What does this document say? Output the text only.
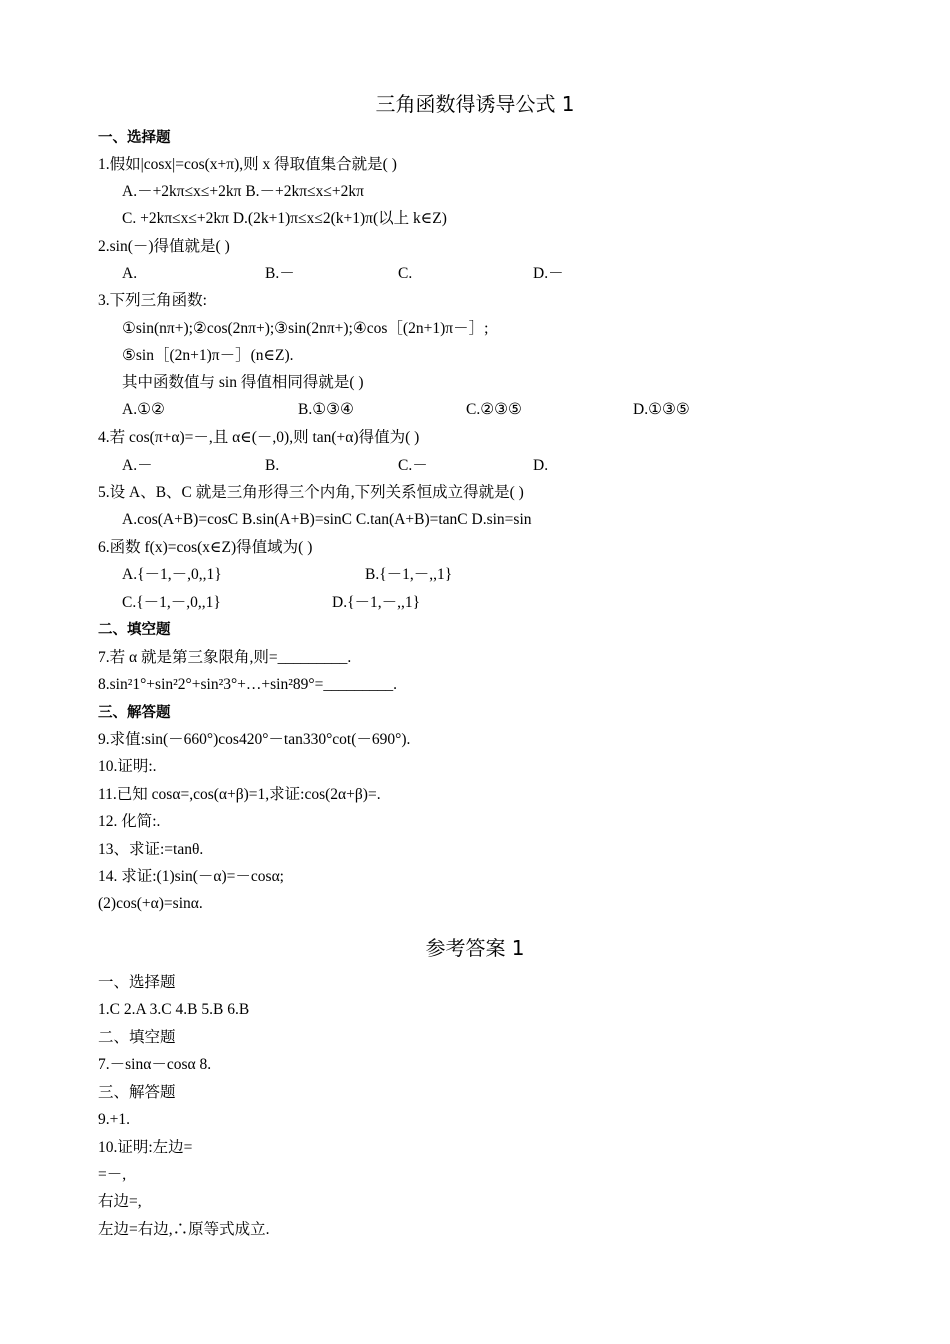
三角函数得诱导公式 1
一、选择题
1.假如|cosx|=cos(x+π),则 x 得取值集合就是( )
A.－+2kπ≤x≤+2kπ B.－+2kπ≤x≤+2kπ
C. +2kπ≤x≤+2kπ D.(2k+1)π≤x≤2(k+1)π(以上 k∈Z)
2.sin(－)得值就是( )
A.	B.－	C.	D.－
3.下列三角函数:
①sin(nπ+);②cos(2nπ+);③sin(2nπ+);④cos［(2n+1)π－］;
⑤sin［(2n+1)π－］(n∈Z).
其中函数值与 sin 得值相同得就是( )
A.①②	B.①③④	C.②③⑤	D.①③⑤
4.若 cos(π+α)=－,且 α∈(－,0),则 tan(+α)得值为( )
A.－	B.	C.－	D.
5.设 A、B、C 就是三角形得三个内角,下列关系恒成立得就是( )
A.cos(A+B)=cosC B.sin(A+B)=sinC C.tan(A+B)=tanC D.sin=sin
6.函数 f(x)=cos(x∈Z)得值域为( )
A.{－1,－,0,,1}	B.{－1,－,,1}
C.{－1,－,0,,1}	D.{－1,－,,1}
二、填空题
7.若 α 就是第三象限角,则=_________.
8.sin²1°+sin²2°+sin²3°+…+sin²89°=_________.
三、解答题
9.求值:sin(－660°)cos420°－tan330°cot(－690°).
10.证明:.
11.已知 cosα=,cos(α+β)=1,求证:cos(2α+β)=.
12. 化简:.
13、求证:=tanθ.
14. 求证:(1)sin(－α)=－cosα;
(2)cos(+α)=sinα.
参考答案 1
一、选择题
1.C 2.A 3.C 4.B 5.B 6.B
二、填空题
7.－sinα－cosα 8.
三、解答题
9.+1.
10.证明:左边=
=－,
右边=,
左边=右边,∴原等式成立.
